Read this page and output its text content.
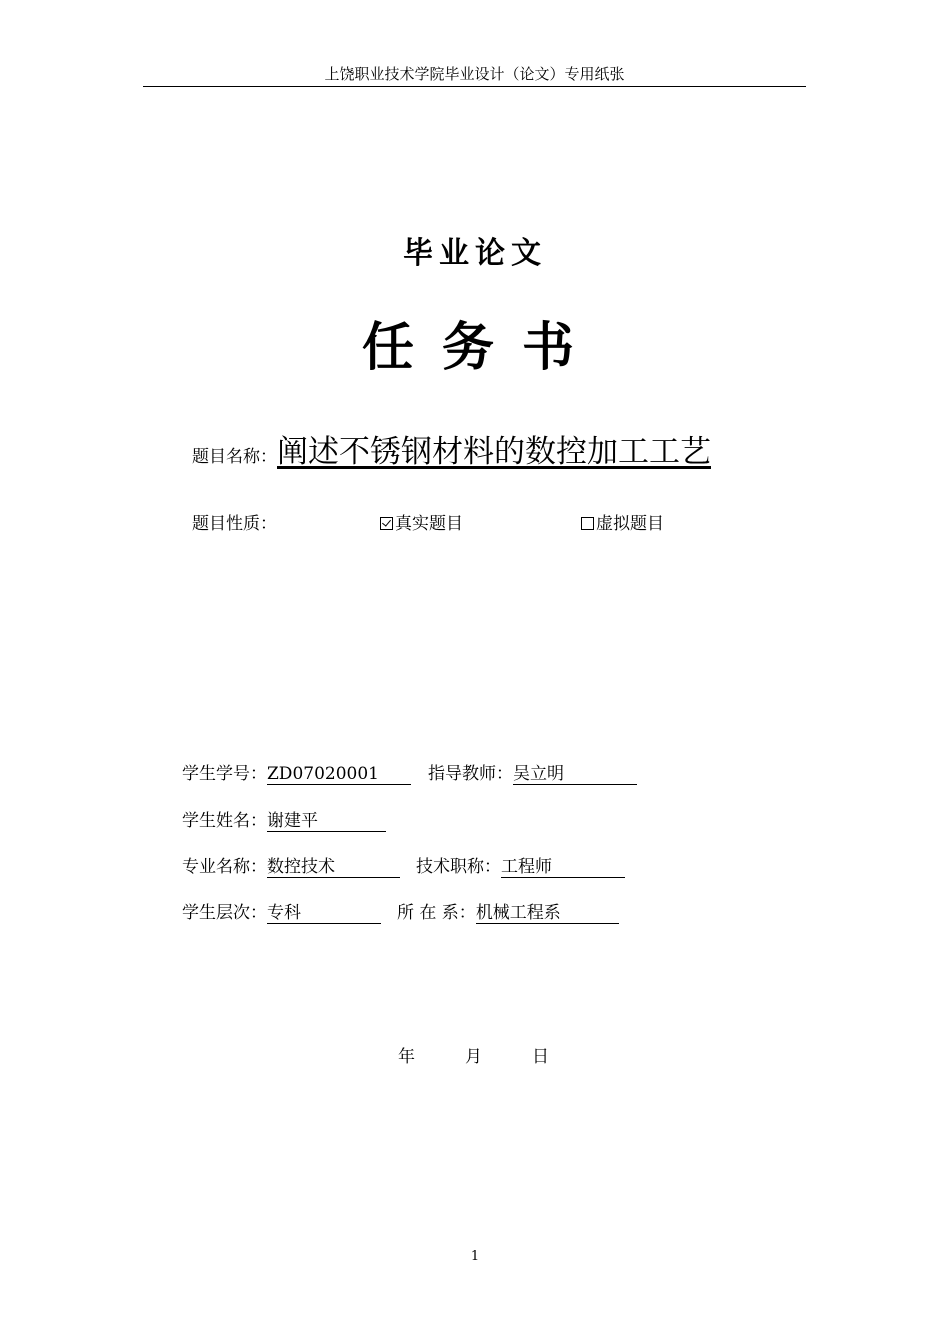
上饶职业技术学院毕业设计（论文）专用纸张
毕业论文
任务书
题目名称：阐述不锈钢材料的数控加工工艺
题目性质：	真实题目	虚拟题目
学生学号：ZD07020001	指导教师：吴立明
学生姓名：谢建平
专业名称：数控技术	技术职称：工程师
学生层次：专科	所 在 系：机械工程系
年	月	日
1
